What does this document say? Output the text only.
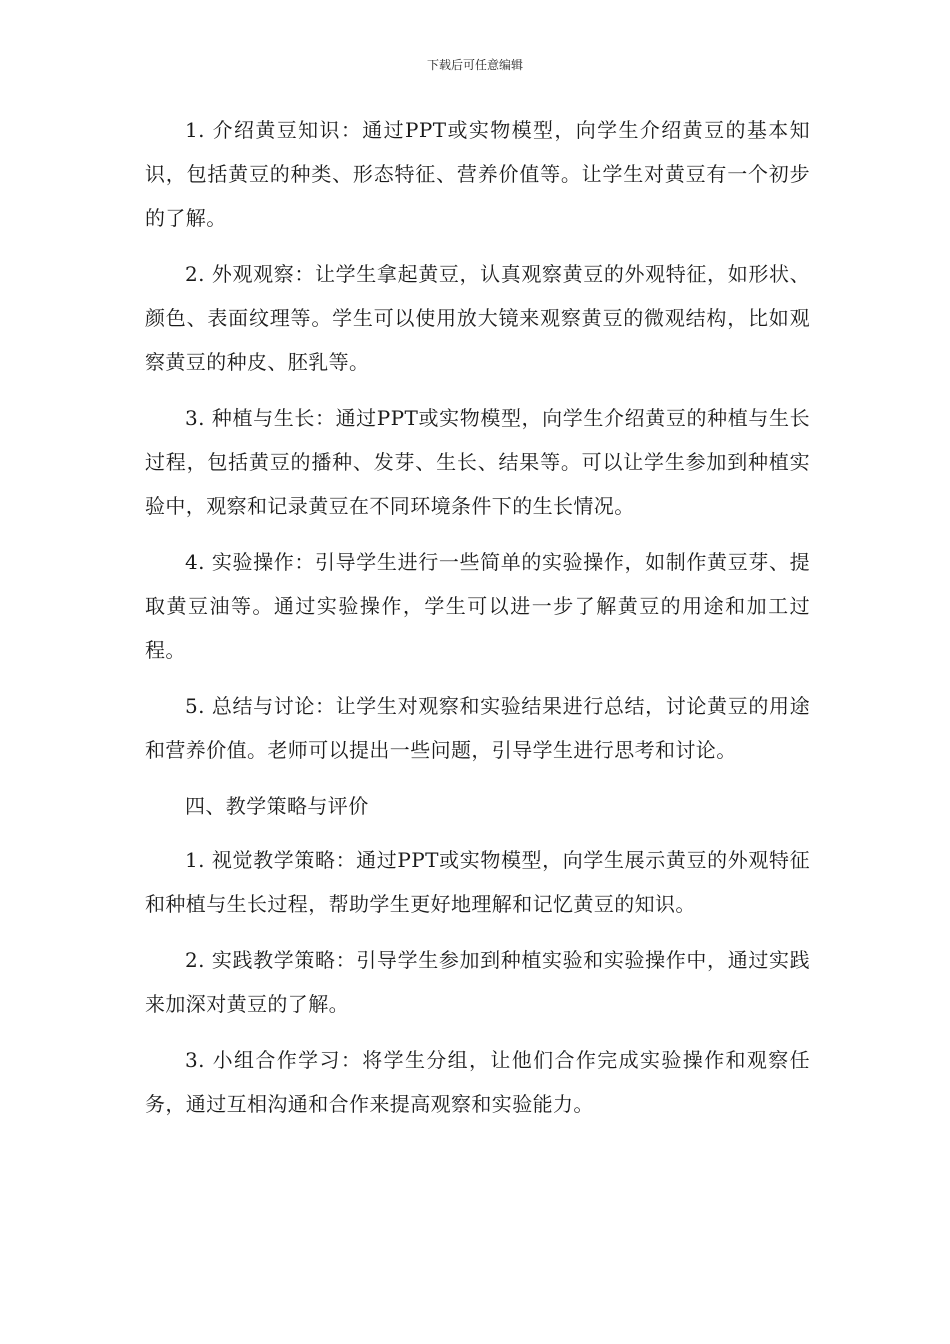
下载后可任意编辑

1. 介绍黄豆知识：通过PPT或实物模型，向学生介绍黄豆的基本知识，包括黄豆的种类、形态特征、营养价值等。让学生对黄豆有一个初步的了解。

2. 外观观察：让学生拿起黄豆，认真观察黄豆的外观特征，如形状、颜色、表面纹理等。学生可以使用放大镜来观察黄豆的微观结构，比如观察黄豆的种皮、胚乳等。

3. 种植与生长：通过PPT或实物模型，向学生介绍黄豆的种植与生长过程，包括黄豆的播种、发芽、生长、结果等。可以让学生参加到种植实验中，观察和记录黄豆在不同环境条件下的生长情况。

4. 实验操作：引导学生进行一些简单的实验操作，如制作黄豆芽、提取黄豆油等。通过实验操作，学生可以进一步了解黄豆的用途和加工过程。

5. 总结与讨论：让学生对观察和实验结果进行总结，讨论黄豆的用途和营养价值。老师可以提出一些问题，引导学生进行思考和讨论。

四、教学策略与评价

1. 视觉教学策略：通过PPT或实物模型，向学生展示黄豆的外观特征和种植与生长过程，帮助学生更好地理解和记忆黄豆的知识。

2. 实践教学策略：引导学生参加到种植实验和实验操作中，通过实践来加深对黄豆的了解。

3. 小组合作学习：将学生分组，让他们合作完成实验操作和观察任务，通过互相沟通和合作来提高观察和实验能力。
